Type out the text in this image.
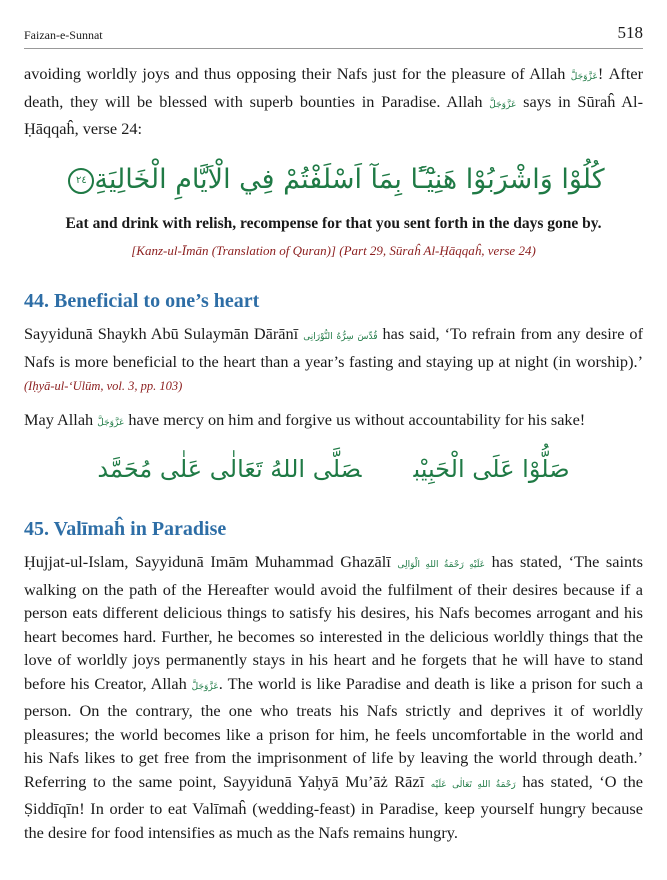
Faizan-e-Sunnat	518

avoiding worldly joys and thus opposing their Nafs just for the pleasure of Allah عَزَّوَجَلَّ! After death, they will be blessed with superb bounties in Paradise. Allah عَزَّوَجَلَّ says in Sūraĥ Al-Ḥāqqaĥ, verse 24:

كُلُوْا وَاشْرَبُوْا هَنِيْٓـًٔا بِمَآ اَسْلَفْتُمْ فِي الْاَيَّامِ الْخَالِيَةِ٢٤
Eat and drink with relish, recompense for that you sent forth in the days gone by.
[Kanz-ul-Īmān (Translation of Quran)] (Part 29, Sūraĥ Al-Ḥāqqaĥ, verse 24)
44. Beneficial to one’s heart

Sayyidunā Shaykh Abū Sulaymān Dārānī قُدِّسَ سِرُّهُ النُّوْرَانِی has said, ‘To refrain from any desire of Nafs is more beneficial to the heart than a year’s fasting and staying up at night (in worship).’ (Iḥyā-ul-‘Ulūm, vol. 3, pp. 103)

May Allah عَزَّوَجَلَّ have mercy on him and forgive us without accountability for his sake!

صَلُّوْا عَلَى الْحَبِيْبصَلَّى اللهُ تَعَالٰى عَلٰى مُحَمَّد
45. Valīmaĥ in Paradise

Ḥujjat-ul-Islam, Sayyidunā Imām Muhammad Ghazālī عَلَيْهِ رَحْمَةُ اللهِ الْوَالِی has stated, ‘The saints walking on the path of the Hereafter would avoid the fulfilment of their desires because if a person eats different delicious things to satisfy his desires, his Nafs becomes arrogant and his heart becomes hard. Further, he becomes so interested in the delicious worldly things that the love of worldly joys permanently stays in his heart and he forgets that he will have to stand before his Creator, Allah عَزَّوَجَلَّ. The world is like Paradise and death is like a prison for such a person. On the contrary, the one who treats his Nafs strictly and deprives it of worldly pleasures; the world becomes like a prison for him, he feels uncomfortable in the world and his Nafs likes to get free from the imprisonment of life by leaving the world through death.’ Referring to the same point, Sayyidunā Yaḥyā Mu’āż Rāzī رَحْمَةُ اللهِ تَعَالٰی عَلَيْه has stated, ‘O the Ṣiddīqīn! In order to eat Valīmaĥ (wedding-feast) in Paradise, keep yourself hungry because the desire for food intensifies as much as the Nafs remains hungry.
